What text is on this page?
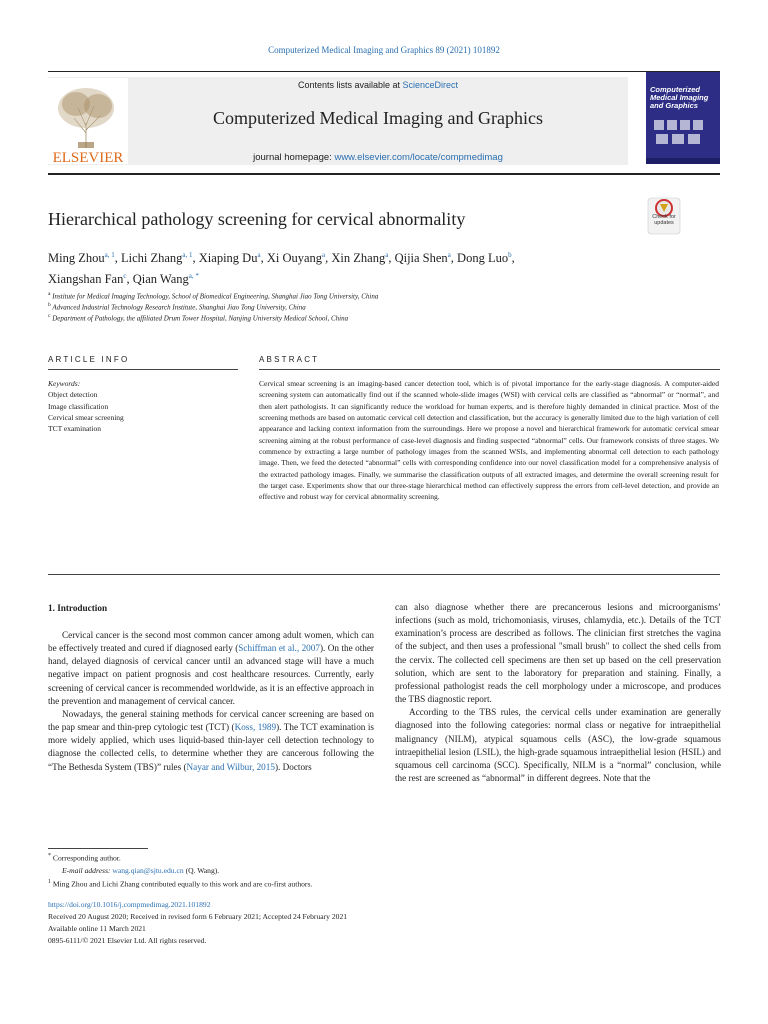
Computerized Medical Imaging and Graphics 89 (2021) 101892
ELSEVIER
Contents lists available at ScienceDirect
Computerized Medical Imaging and Graphics
journal homepage: www.elsevier.com/locate/compmedimag
Computerized Medical Imaging and Graphics
Hierarchical pathology screening for cervical abnormality	Check for updates
Ming Zhou$^{a, 1}$, Lichi Zhang$^{a, 1}$, Xiaping Du$^a$, Xi Ouyang$^a$, Xin Zhang$^a$, Qijia Shen$^a$, Dong Luo$^b$,
Xiangshan Fan$^c$, Qian Wang$^{a, *}$
$^a$ Institute for Medical Imaging Technology, School of Biomedical Engineering, Shanghai Jiao Tong University, China
$^b$ Advanced Industrial Technology Research Institute, Shanghai Jiao Tong University, China
$^c$ Department of Pathology, the affiliated Drum Tower Hospital, Nanjing University Medical School, China
ARTICLE INFO	ABSTRACT
Keywords:
Object detection
Image classification
Cervical smear screening
TCT examination
Cervical smear screening is an imaging-based cancer detection tool, which is of pivotal importance for the early-stage diagnosis. A computer-aided screening system can automatically find out if the scanned whole-slide images (WSI) with cervical cells are classified as “abnormal” or “normal”, and then alert pathologists. It can significantly reduce the workload for human experts, and is therefore highly demanded in clinical practice. Most of the screening methods are based on automatic cervical cell detection and classification, but the accuracy is generally limited due to the high variation of cell appearance and lacking context information from the surroundings. Here we propose a novel and hierarchical framework for automatic cervical smear screening aiming at the robust performance of case-level diagnosis and finding suspected “abnormal” cells. Our framework consists of three stages. We commence by extracting a large number of pathology images from the scanned WSIs, and implementing abnormal cell detection to each pathology image. Then, we feed the detected “abnormal” cells with corresponding confidence into our novel classification model for a comprehensive analysis of the extracted pathology images. Finally, we summarise the classification outputs of all extracted images, and determine the overall screening result for the target case. Experiments show that our three-stage hierarchical method can effectively suppress the errors from cell-level detection, and provide an effective and robust way for cervical abnormality screening.
1. Introduction

Cervical cancer is the second most common cancer among adult women, which can be effectively treated and cured if diagnosed early (Schiffman et al., 2007). On the other hand, delayed diagnosis of cervical cancer until an advanced stage will have a much negative impact on patient prognosis and cost healthcare resources. Currently, early screening of cervical cancer is recommended worldwide, as it is an effective approach in the prevention and management of cervical cancer.

Nowadays, the general staining methods for cervical cancer screening are based on the pap smear and thin-prep cytologic test (TCT) (Koss, 1989). The TCT examination is more widely applied, which uses liquid-based thin-layer cell detection technology to diagnose the collected cells, to determine whether they are cancerous following the “The Bethesda System (TBS)” rules (Nayar and Wilbur, 2015). Doctors

can also diagnose whether there are precancerous lesions and microorganisms’ infections (such as mold, trichomoniasis, viruses, chlamydia, etc.). Details of the TCT examination’s process are described as follows. The clinician first stretches the vagina of the subject, and then uses a professional "small brush" to collect the shed cells from the cervix. The collected cell specimens are then set up based on the cell preservation solution, which are sent to the laboratory for preparation and staining. Finally, a professional pathologist reads the cell morphology under a microscope, and produces the TBS diagnostic report.

According to the TBS rules, the cervical cells under examination are generally diagnosed into the following categories: normal class or negative for intraepithelial malignancy (NILM), atypical squamous cells (ASC), the low-grade squamous intraepithelial lesion (LSIL), the high-grade squamous intraepithelial lesion (HSIL) and squamous cell carcinoma (SCC). Specifically, NILM is a “normal” conclusion, while the rest are screened as “abnormal” in different degrees. Note that the

* Corresponding author.
E-mail address: wang.qian@sjtu.edu.cn (Q. Wang).
$^1$ Ming Zhou and Lichi Zhang contributed equally to this work and are co-first authors.
https://doi.org/10.1016/j.compmedimag.2021.101892
Received 20 August 2020; Received in revised form 6 February 2021; Accepted 24 February 2021
Available online 11 March 2021
0895-6111/© 2021 Elsevier Ltd. All rights reserved.
